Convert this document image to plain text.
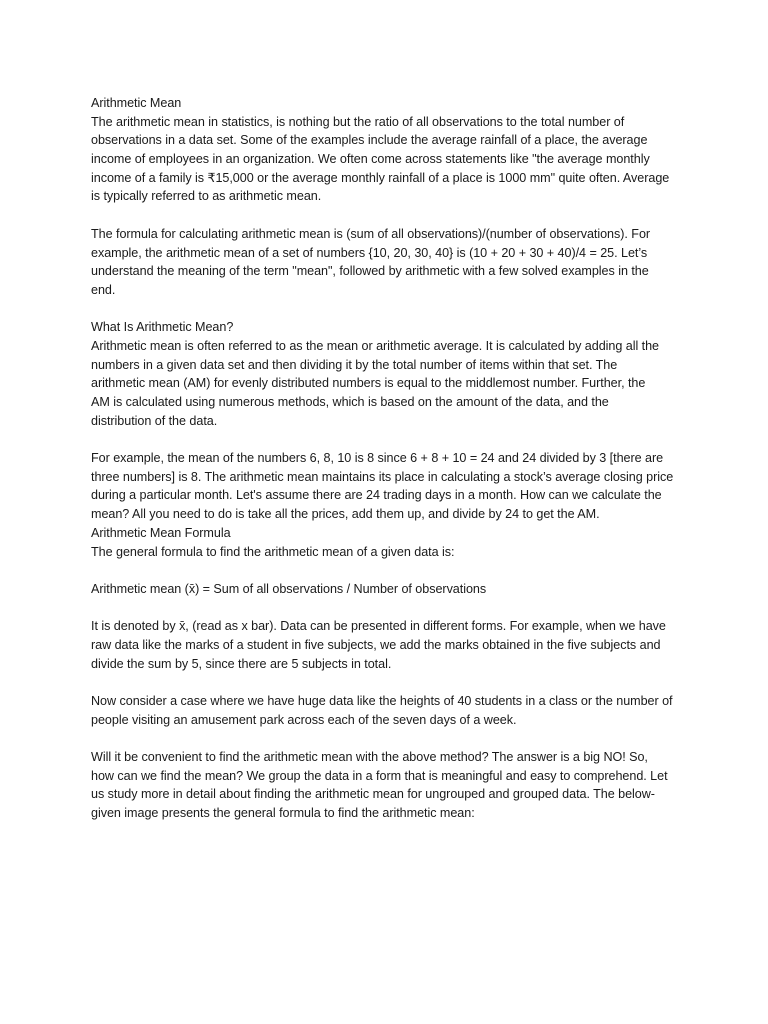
Arithmetic Mean
The arithmetic mean in statistics, is nothing but the ratio of all observations to the total number of
observations in a data set. Some of the examples include the average rainfall of a place, the average
income of employees in an organization. We often come across statements like "the average monthly
income of a family is ₹15,000 or the average monthly rainfall of a place is 1000 mm" quite often. Average
is typically referred to as arithmetic mean.
The formula for calculating arithmetic mean is (sum of all observations)/(number of observations). For
example, the arithmetic mean of a set of numbers {10, 20, 30, 40} is (10 + 20 + 30 + 40)/4 = 25. Let’s
understand the meaning of the term "mean", followed by arithmetic with a few solved examples in the
end.
What Is Arithmetic Mean?
Arithmetic mean is often referred to as the mean or arithmetic average. It is calculated by adding all the
numbers in a given data set and then dividing it by the total number of items within that set. The
arithmetic mean (AM) for evenly distributed numbers is equal to the middlemost number. Further, the
AM is calculated using numerous methods, which is based on the amount of the data, and the
distribution of the data.
For example, the mean of the numbers 6, 8, 10 is 8 since 6 + 8 + 10 = 24 and 24 divided by 3 [there are
three numbers] is 8. The arithmetic mean maintains its place in calculating a stock’s average closing price
during a particular month. Let's assume there are 24 trading days in a month. How can we calculate the
mean? All you need to do is take all the prices, add them up, and divide by 24 to get the AM.
Arithmetic Mean Formula
The general formula to find the arithmetic mean of a given data is:
Arithmetic mean (x̄) = Sum of all observations / Number of observations
It is denoted by x̄, (read as x bar). Data can be presented in different forms. For example, when we have
raw data like the marks of a student in five subjects, we add the marks obtained in the five subjects and
divide the sum by 5, since there are 5 subjects in total.
Now consider a case where we have huge data like the heights of 40 students in a class or the number of
people visiting an amusement park across each of the seven days of a week.
Will it be convenient to find the arithmetic mean with the above method? The answer is a big NO! So,
how can we find the mean? We group the data in a form that is meaningful and easy to comprehend. Let
us study more in detail about finding the arithmetic mean for ungrouped and grouped data. The below-
given image presents the general formula to find the arithmetic mean:
